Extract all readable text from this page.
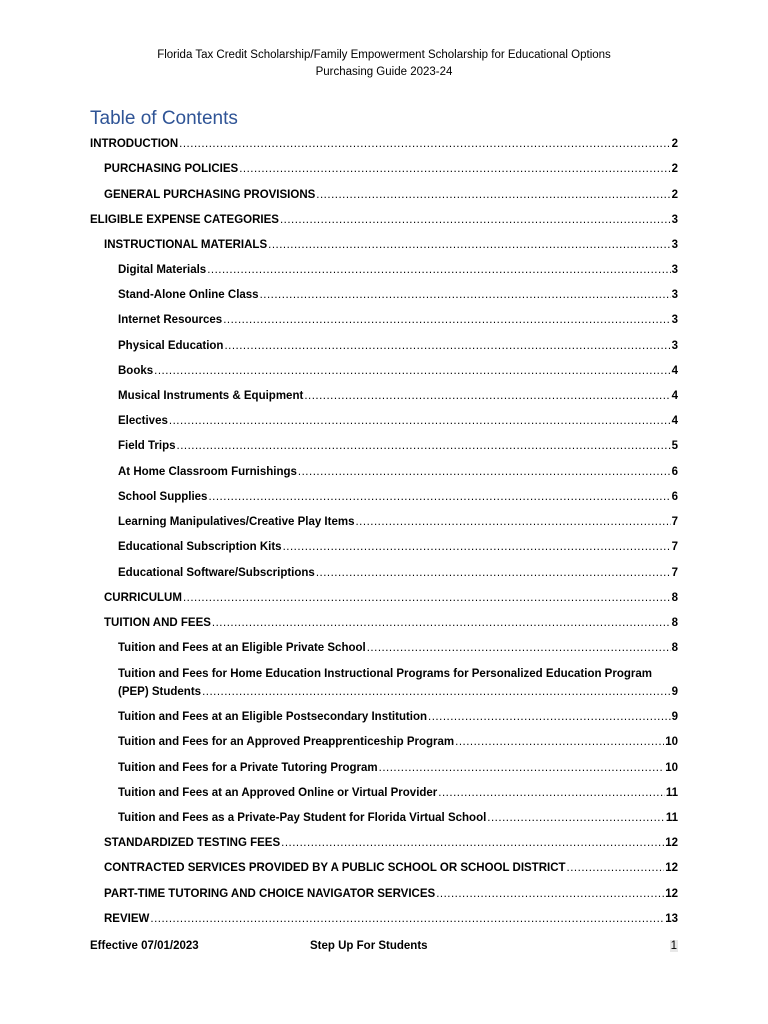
Florida Tax Credit Scholarship/Family Empowerment Scholarship for Educational Options
Purchasing Guide 2023-24
Table of Contents
INTRODUCTION .....	2
PURCHASING POLICIES .....	2
GENERAL PURCHASING PROVISIONS .....	2
ELIGIBLE EXPENSE CATEGORIES .....	3
INSTRUCTIONAL MATERIALS .....	3
Digital Materials .....	3
Stand-Alone Online Class .....	3
Internet Resources .....	3
Physical Education .....	3
Books .....	4
Musical Instruments & Equipment .....	4
Electives .....	4
Field Trips .....	5
At Home Classroom Furnishings .....	6
School Supplies .....	6
Learning Manipulatives/Creative Play Items .....	7
Educational Subscription Kits .....	7
Educational Software/Subscriptions .....	7
CURRICULUM .....	8
TUITION AND FEES .....	8
Tuition and Fees at an Eligible Private School .....	8
Tuition and Fees for Home Education Instructional Programs for Personalized Education Program
(PEP) Students .....	9
Tuition and Fees at an Eligible Postsecondary Institution .....	9
Tuition and Fees for an Approved Preapprenticeship Program .....	10
Tuition and Fees for a Private Tutoring Program .....	10
Tuition and Fees at an Approved Online or Virtual Provider .....	11
Tuition and Fees as a Private-Pay Student for Florida Virtual School .....	11
STANDARDIZED TESTING FEES .....	12
CONTRACTED SERVICES PROVIDED BY A PUBLIC SCHOOL OR SCHOOL DISTRICT .....	12
PART-TIME TUTORING AND CHOICE NAVIGATOR SERVICES .....	12
REVIEW .....	13
Effective 07/01/2023	Step Up For Students	1
